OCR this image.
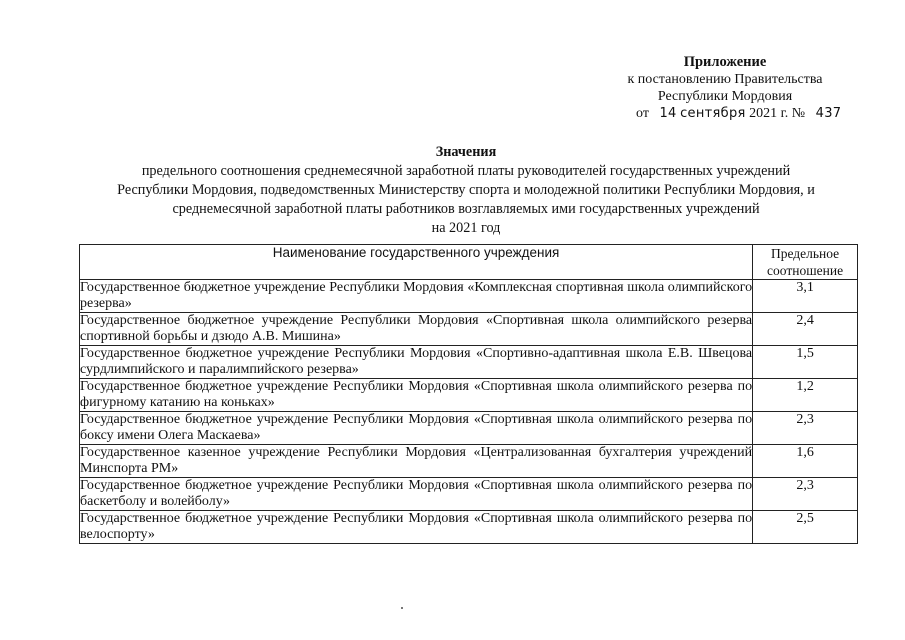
Приложение
к постановлению Правительства
Республики Мордовия
от 14 сентября 2021 г. № 437
Значения
предельного соотношения среднемесячной заработной платы руководителей государственных учреждений
Республики Мордовия, подведомственных Министерству спорта и молодежной политики Республики Мордовия, и
среднемесячной заработной платы работников возглавляемых ими государственных учреждений
на 2021 год
Наименование государственного учреждения	Предельное
соотношение

Государственное бюджетное учреждение Республики Мордовия «Комплексная спортивная школа олимпийского резерва»	3,1
Государственное бюджетное учреждение Республики Мордовия «Спортивная школа олимпийского резерва спортивной борьбы и дзюдо А.В. Мишина»	2,4
Государственное бюджетное учреждение Республики Мордовия «Спортивно-адаптивная школа Е.В. Швецова сурдлимпийского и паралимпийского резерва»	1,5
Государственное бюджетное учреждение Республики Мордовия «Спортивная школа олимпийского резерва по фигурному катанию на коньках»	1,2
Государственное бюджетное учреждение Республики Мордовия «Спортивная школа олимпийского резерва по боксу имени Олега Маскаева»	2,3
Государственное казенное учреждение Республики Мордовия «Централизованная бухгалтерия учреждений Минспорта РМ»	1,6
Государственное бюджетное учреждение Республики Мордовия «Спортивная школа олимпийского резерва по баскетболу и волейболу»	2,3
Государственное бюджетное учреждение Республики Мордовия «Спортивная школа олимпийского резерва по велоспорту»	2,5
